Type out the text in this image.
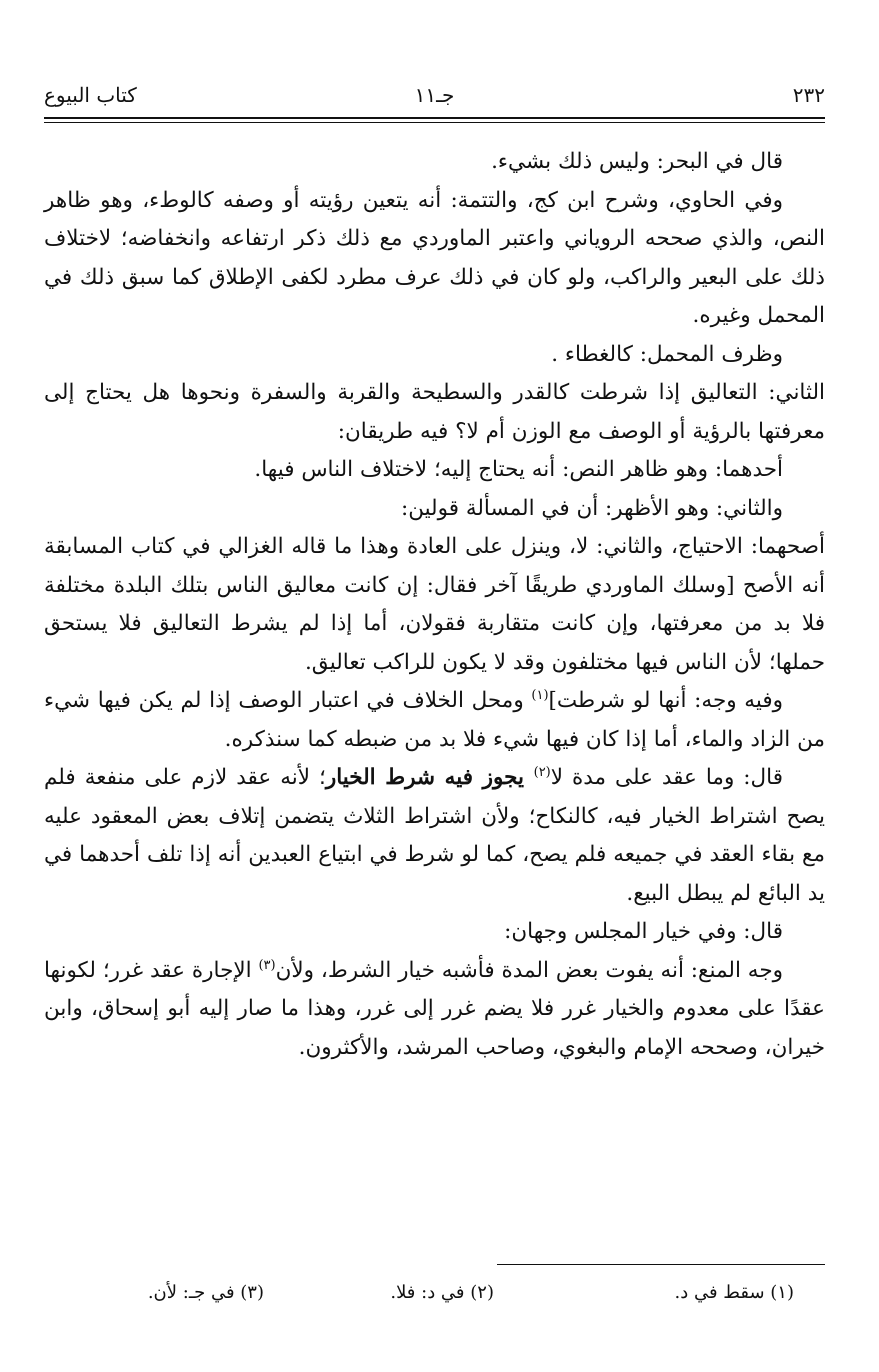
٢٣٢
جـ١١
كتاب البيوع

قال في البحر: وليس ذلك بشيء.

وفي الحاوي، وشرح ابن كج، والتتمة: أنه يتعين رؤيته أو وصفه كالوطء، وهو ظاهر النص، والذي صححه الروياني واعتبر الماوردي مع ذلك ذكر ارتفاعه وانخفاضه؛ لاختلاف ذلك على البعير والراكب، ولو كان في ذلك عرف مطرد لكفى الإطلاق كما سبق ذلك في المحمل وغيره.

وظرف المحمل: كالغطاء .

الثاني: التعاليق إذا شرطت كالقدر والسطيحة والقربة والسفرة ونحوها هل يحتاج إلى معرفتها بالرؤية أو الوصف مع الوزن أم لا؟ فيه طريقان:

أحدهما: وهو ظاهر النص: أنه يحتاج إليه؛ لاختلاف الناس فيها.

والثاني: وهو الأظهر: أن في المسألة قولين:

أصحهما: الاحتياج، والثاني: لا، وينزل على العادة وهذا ما قاله الغزالي في كتاب المسابقة أنه الأصح [وسلك الماوردي طريقًا آخر فقال: إن كانت معاليق الناس بتلك البلدة مختلفة فلا بد من معرفتها، وإن كانت متقاربة فقولان، أما إذا لم يشرط التعاليق فلا يستحق حملها؛ لأن الناس فيها مختلفون وقد لا يكون للراكب تعاليق.

وفيه وجه: أنها لو شرطت]$^{(١)}$ ومحل الخلاف في اعتبار الوصف إذا لم يكن فيها شيء من الزاد والماء، أما إذا كان فيها شيء فلا بد من ضبطه كما سنذكره.

قال: وما عقد على مدة لا$^{(٢)}$ يجوز فيه شرط الخيار؛ لأنه عقد لازم على منفعة فلم يصح اشتراط الخيار فيه، كالنكاح؛ ولأن اشتراط الثلاث يتضمن إتلاف بعض المعقود عليه مع بقاء العقد في جميعه فلم يصح، كما لو شرط في ابتياع العبدين أنه إذا تلف أحدهما في يد البائع لم يبطل البيع.

قال: وفي خيار المجلس وجهان:

وجه المنع: أنه يفوت بعض المدة فأشبه خيار الشرط، ولأن$^{(٣)}$ الإجارة عقد غرر؛ لكونها عقدًا على معدوم والخيار غرر فلا يضم غرر إلى غرر، وهذا ما صار إليه أبو إسحاق، وابن خيران، وصححه الإمام والبغوي، وصاحب المرشد، والأكثرون.

(١) سقط في د.
(٢) في د: فلا.
(٣) في جـ: لأن.
